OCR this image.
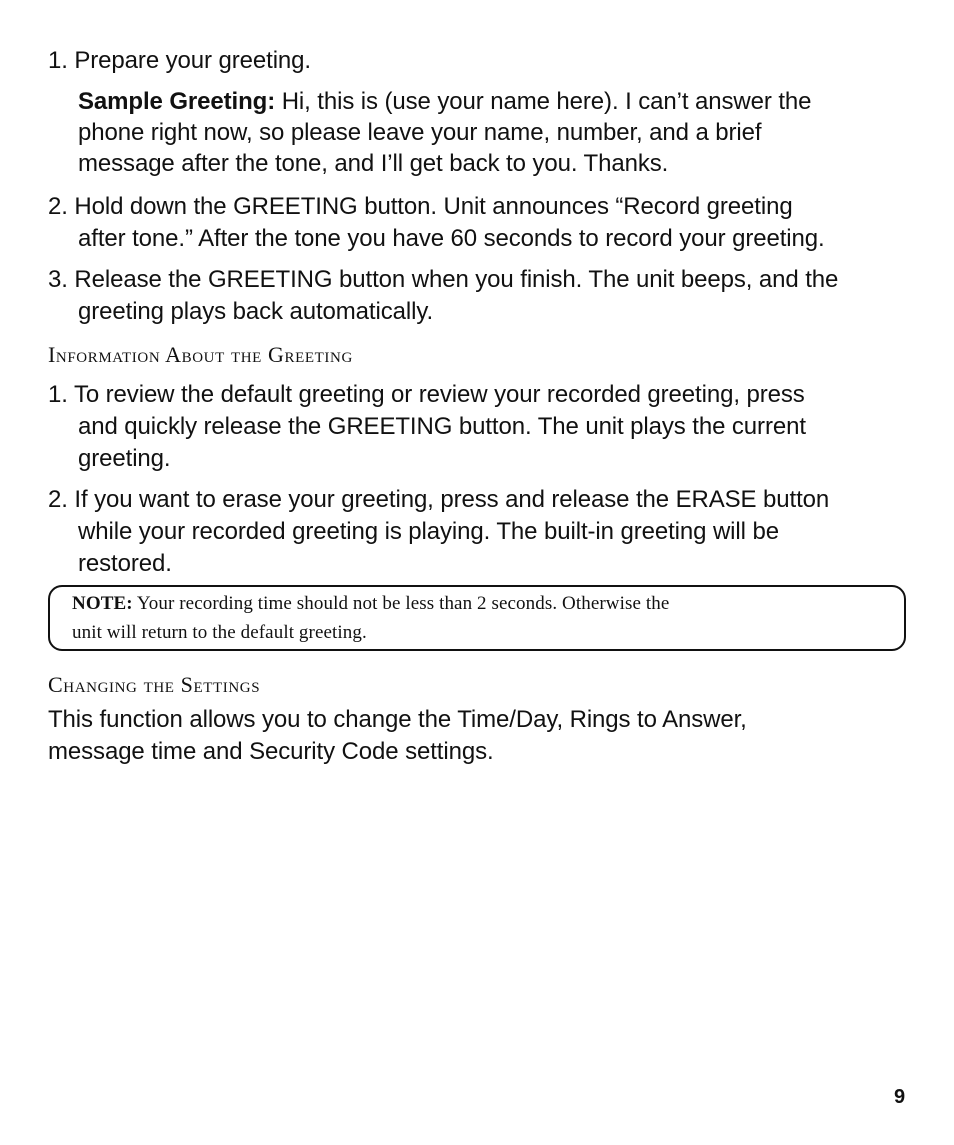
1. Prepare your greeting.
Sample Greeting: Hi, this is (use your name here). I can’t answer the
phone right now, so please leave your name, number, and a brief
message after the tone, and I’ll get back to you. Thanks.
2. Hold down the GREETING button. Unit announces “Record greeting
after tone.” After the tone you have 60 seconds to record your greeting.
3. Release the GREETING button when you finish. The unit beeps, and the
greeting plays back automatically.
Information About the Greeting
1. To review the default greeting or review your recorded greeting, press
and quickly release the GREETING button. The unit plays the current
greeting.
2. If you want to erase your greeting, press and release the ERASE button
while your recorded greeting is playing. The built-in greeting will be
restored.
NOTE: Your recording time should not be less than 2 seconds. Otherwise the
unit will return to the default greeting.
Changing the Settings
This function allows you to change the Time/Day, Rings to Answer,
message time and Security Code settings.
9
